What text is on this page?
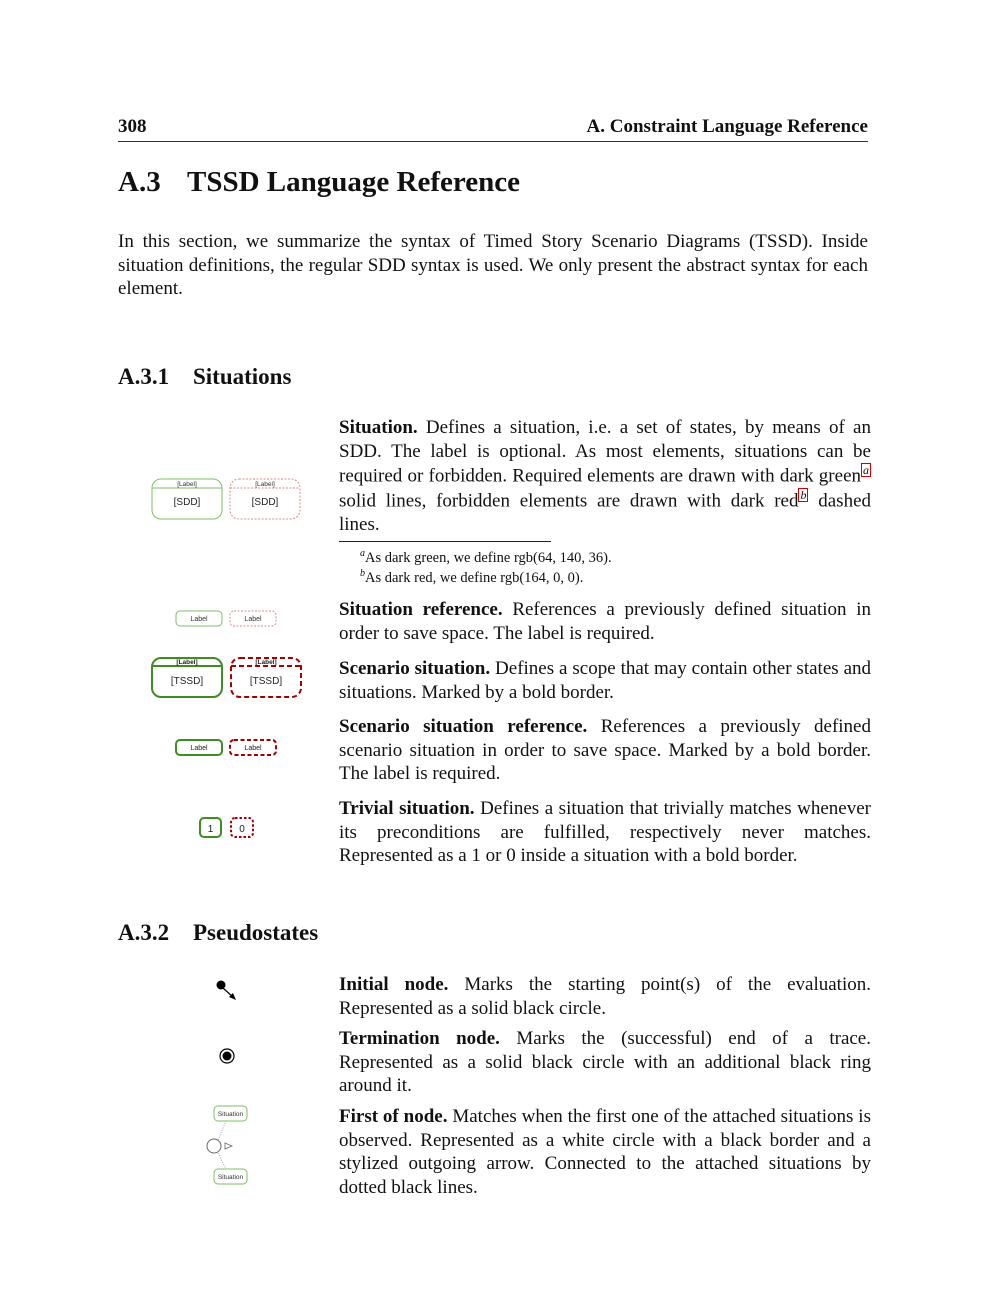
308	A. Constraint Language Reference
A.3 TSSD Language Reference
In this section, we summarize the syntax of Timed Story Scenario Diagrams (TSSD). Inside situation definitions, the regular SDD syntax is used. We only present the abstract syntax for each element.
A.3.1 Situations
Situation. Defines a situation, i.e. a set of states, by means of an SDD. The label is optional. As most elements, situations can be required or forbidden. Required elements are drawn with dark green a solid lines, forbidden elements are drawn with dark red b dashed lines.
$^a$As dark green, we define rgb(64, 140, 36).
$^b$As dark red, we define rgb(164, 0, 0).
Situation reference. References a previously defined situation in order to save space. The label is required.
Scenario situation. Defines a scope that may contain other states and situations. Marked by a bold border.
Scenario situation reference. References a previously defined scenario situation in order to save space. Marked by a bold border. The label is required.
Trivial situation. Defines a situation that trivially matches whenever its preconditions are fulfilled, respectively never matches. Represented as a 1 or 0 inside a situation with a bold border.
A.3.2 Pseudostates
Initial node. Marks the starting point(s) of the evaluation. Represented as a solid black circle.
Termination node. Marks the (successful) end of a trace. Represented as a solid black circle with an additional black ring around it.
First of node. Matches when the first one of the attached situations is observed. Represented as a white circle with a black border and a stylized outgoing arrow. Connected to the attached situations by dotted black lines.
[Label]
[SDD]
[Label]
[SDD]
Label	Label
[Label]
[TSSD]
[Label]
[TSSD]
Label	Label
1	0
Situation
Situation
